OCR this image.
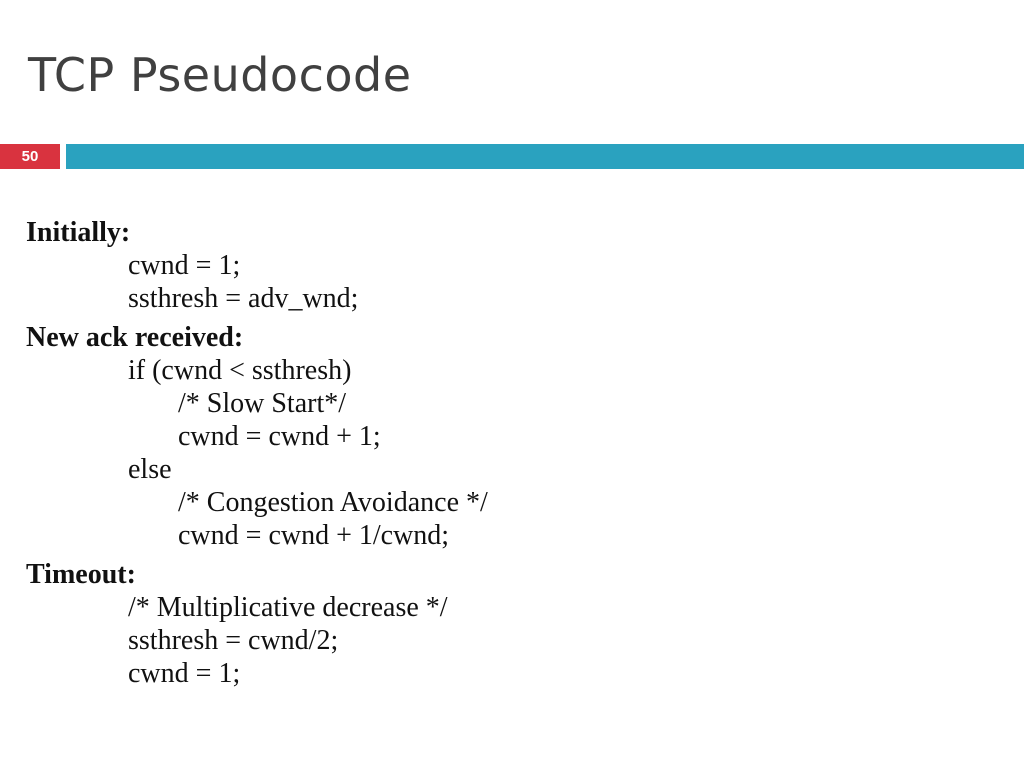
TCP Pseudocode
50
Initially:
cwnd = 1;
ssthresh = adv_wnd;
New ack received:
if (cwnd < ssthresh)
/* Slow Start*/
cwnd = cwnd + 1;
else
/* Congestion Avoidance */
cwnd = cwnd + 1/cwnd;
Timeout:
/* Multiplicative decrease */
ssthresh = cwnd/2;
cwnd = 1;
